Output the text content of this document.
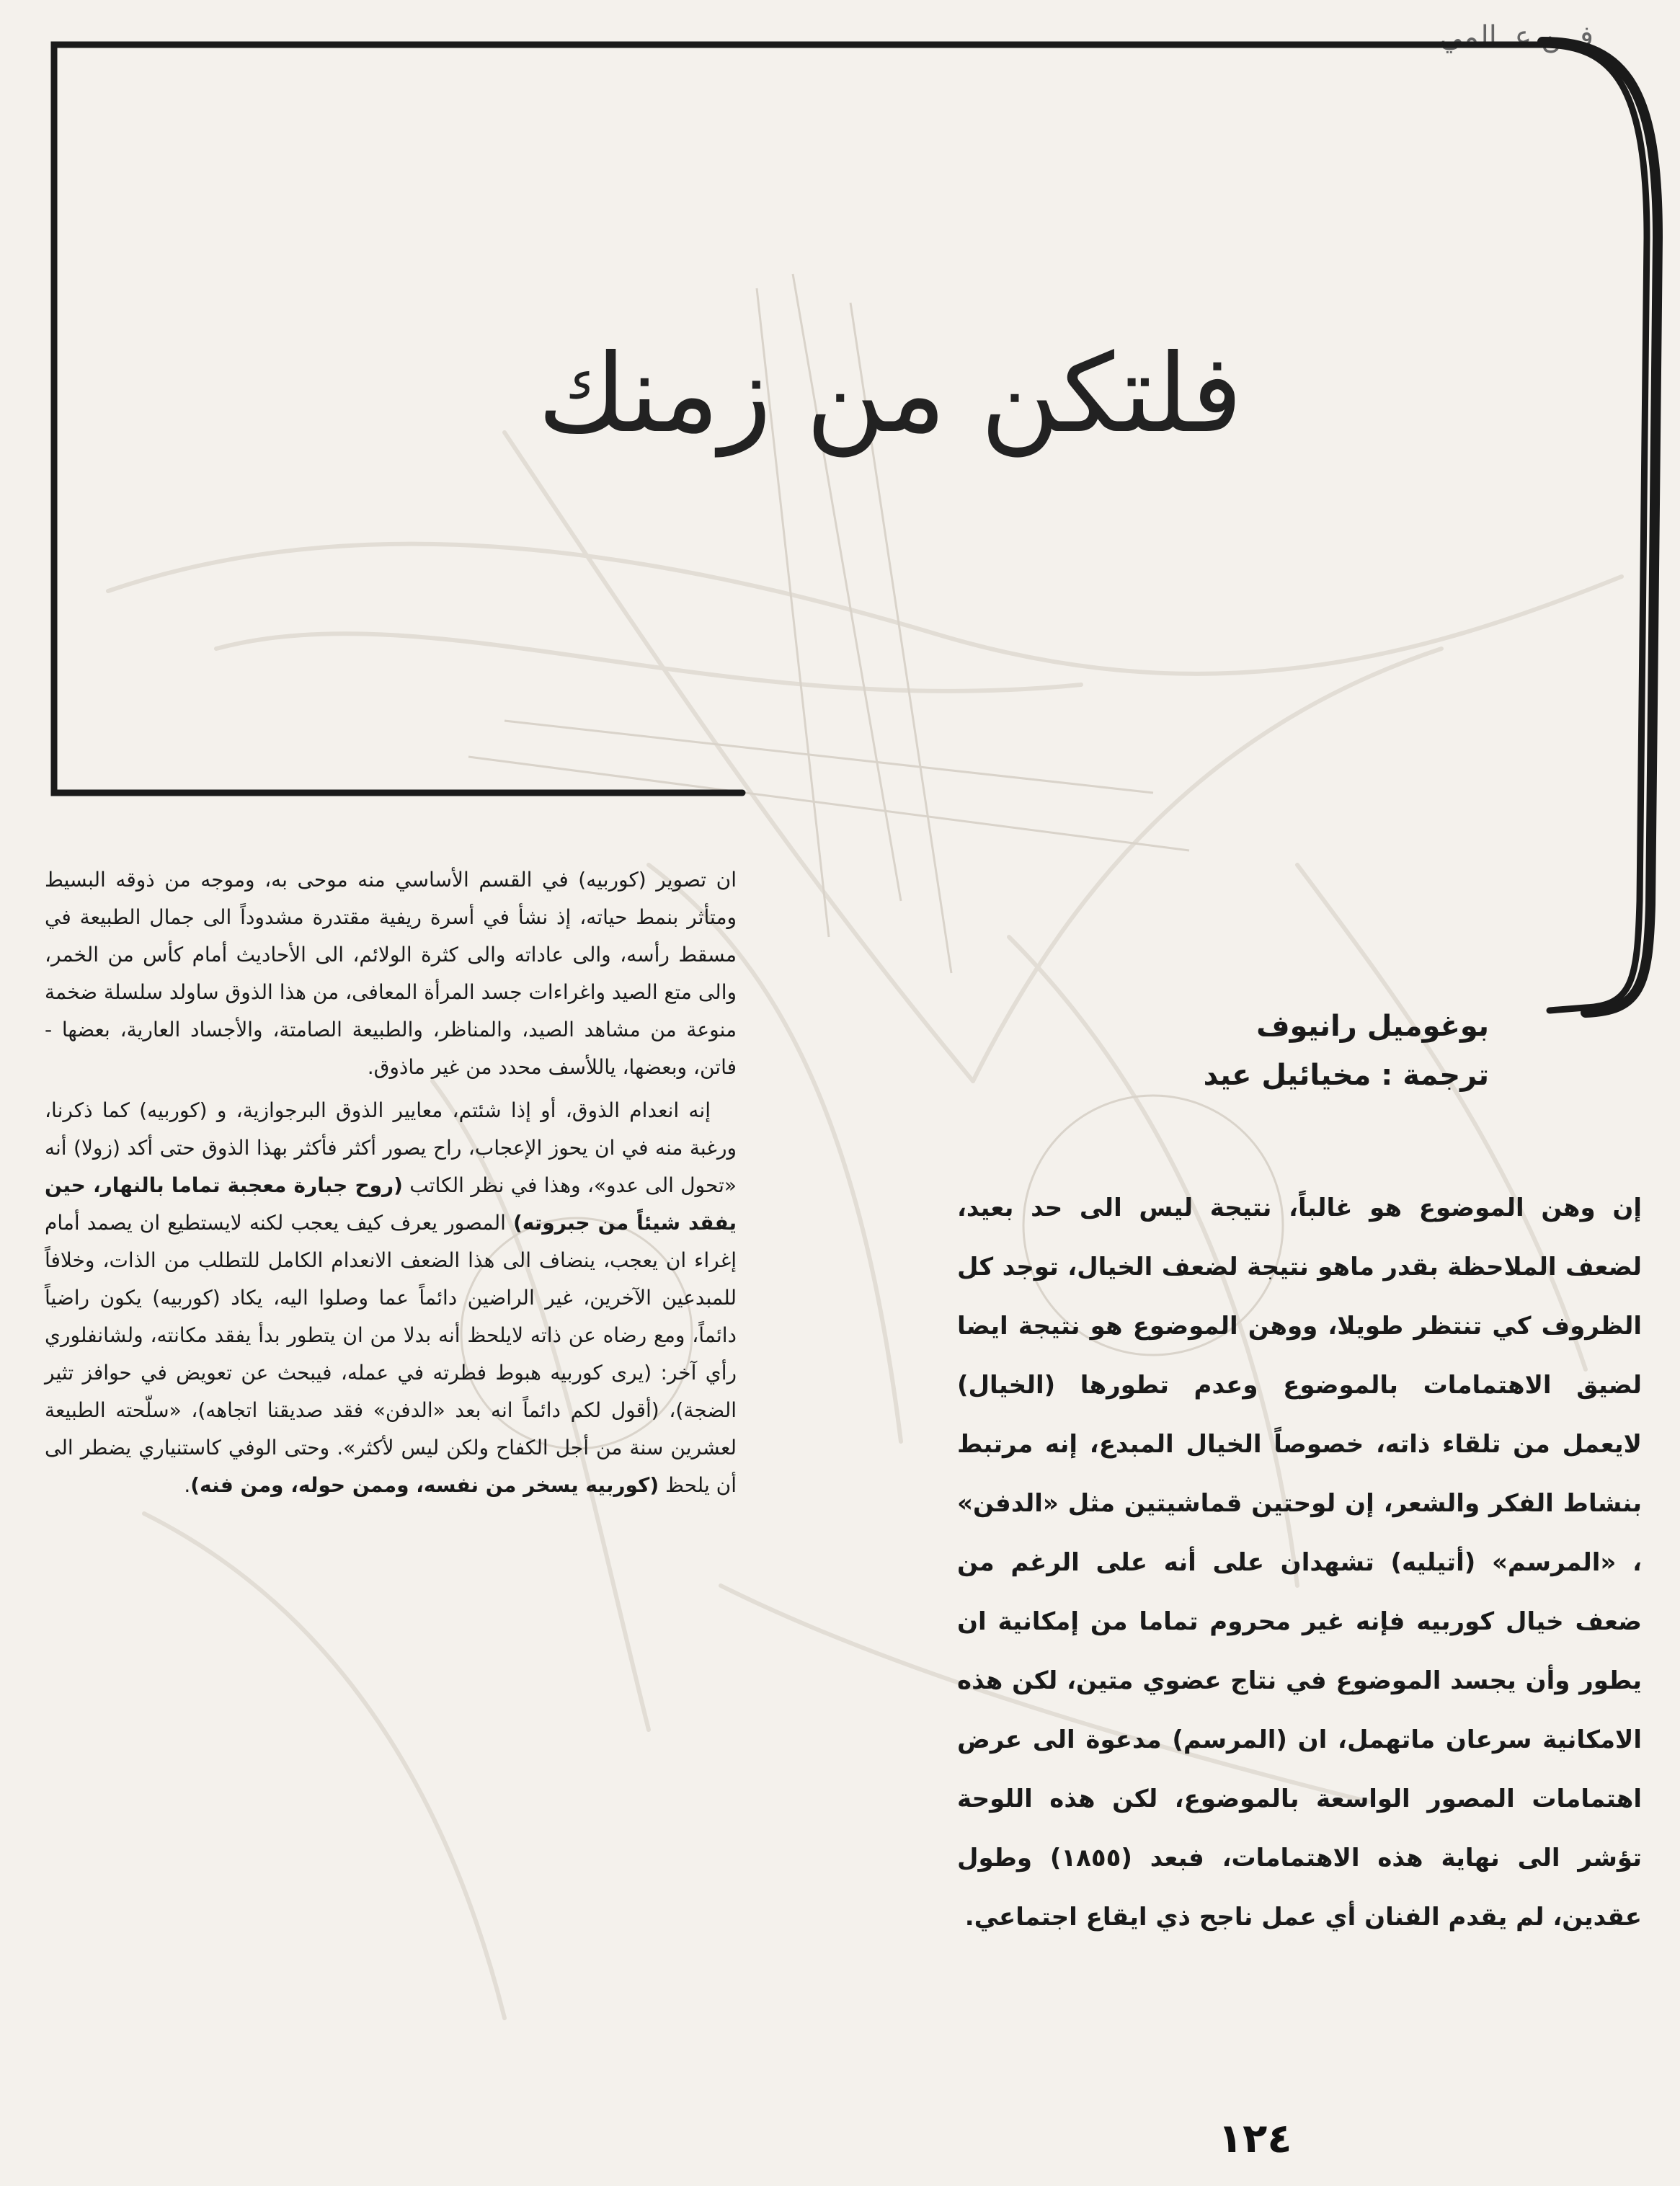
فــن عــالمي
فلتكن من زمنك
بوغوميل رانيوف
ترجمة : مخيائيل عيد

إن وهن الموضوع هو غالباً، نتيجة ليس الى حد بعيد، لضعف الملاحظة بقدر ماهو نتيجة لضعف الخيال، توجد كل الظروف كي تنتظر طويلا، ووهن الموضوع هو نتيجة ايضا لضيق الاهتمامات بالموضوع وعدم تطورها (الخيال) لايعمل من تلقاء ذاته، خصوصاً الخيال المبدع، إنه مرتبط بنشاط الفكر والشعر، إن لوحتين قماشيتين مثل «الدفن» ، «المرسم» (أتيليه) تشهدان على أنه على الرغم من ضعف خيال كوربيه فإنه غير محروم تماما من إمكانية ان يطور وأن يجسد الموضوع في نتاج عضوي متين، لكن هذه الامكانية سرعان ماتهمل، ان (المرسم) مدعوة الى عرض اهتمامات المصور الواسعة بالموضوع، لكن هذه اللوحة تؤشر الى نهاية هذه الاهتمامات، فبعد (١٨٥٥) وطول عقدين، لم يقدم الفنان أي عمل ناجح ذي ايقاع اجتماعي.

ان تصوير (كوربيه) في القسم الأساسي منه موحى به، وموجه من ذوقه البسيط ومتأثر بنمط حياته، إذ نشأ في أسرة ريفية مقتدرة مشدوداً الى جمال الطبيعة في مسقط رأسه، والى عاداته والى كثرة الولائم، الى الأحاديث أمام كأس من الخمر، والى متع الصيد واغراءات جسد المرأة المعافى، من هذا الذوق ساولد سلسلة ضخمة منوعة من مشاهد الصيد، والمناظر، والطبيعة الصامتة، والأجساد العارية، بعضها - فاتن، وبعضها، ياللأسف محدد من غير ماذوق.

إنه انعدام الذوق، أو إذا شئتم، معايير الذوق البرجوازية، و (كوربيه) كما ذكرنا، ورغبة منه في ان يحوز الإعجاب، راح يصور أكثر فأكثر بهذا الذوق حتى أكد (زولا) أنه «تحول الى عدو»، وهذا في نظر الكاتب (روح جبارة معجبة تماما بالنهار، حين يفقد شيئاً من جبروته) المصور يعرف كيف يعجب لكنه لايستطيع ان يصمد أمام إغراء ان يعجب، ينضاف الى هذا الضعف الانعدام الكامل للتطلب من الذات، وخلافاً للمبدعين الآخرين، غير الراضين دائماً عما وصلوا اليه، يكاد (كوربيه) يكون راضياً دائماً، ومع رضاه عن ذاته لايلحظ أنه بدلا من ان يتطور بدأ يفقد مكانته، ولشانفلوري رأي آخر: (يرى كوربيه هبوط فطرته في عمله، فيبحث عن تعويض في حوافز تثير الضجة)، (أقول لكم دائماً انه بعد «الدفن» فقد صديقنا اتجاهه)، «سلّحته الطبيعة لعشرين سنة من أجل الكفاح ولكن ليس لأكثر». وحتى الوفي كاستنياري يضطر الى أن يلحظ (كوربيه يسخر من نفسه، وممن حوله، ومن فنه).

١٢٤
